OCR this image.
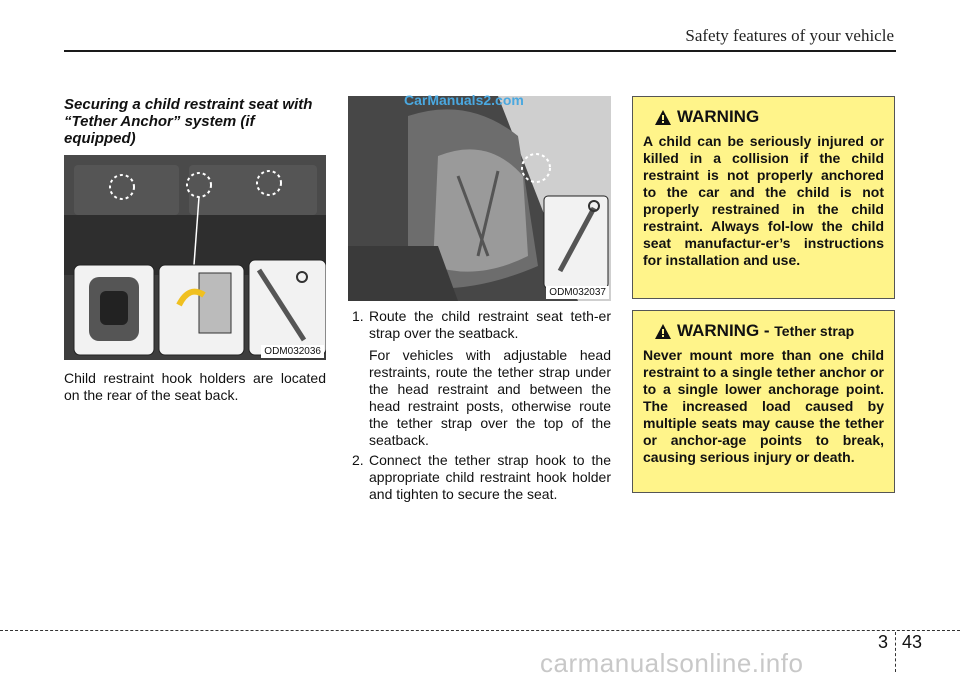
Safety features of your vehicle
Securing a child restraint seat with “Tether Anchor” system (if equipped)
ODM032036
Child restraint hook holders are located on the rear of the seat back.
ODM032037
CarManuals2.com
1. Route the child restraint seat teth-er strap over the seatback.
For vehicles with adjustable head restraints, route the tether strap under the head restraint and between the head restraint posts, otherwise route the tether strap over the top of the seatback.
2. Connect the tether strap hook to the appropriate child restraint hook holder and tighten to secure the seat.
WARNING
A child can be seriously injured or killed in a collision if the child restraint is not properly anchored to the car and the child is not properly restrained in the child restraint. Always fol-low the child seat manufactur-er’s instructions for installation and use.
WARNING - Tether strap
Never mount more than one child restraint to a single tether anchor or to a single lower anchorage point. The increased load caused by multiple seats may cause the tether or anchor-age points to break, causing serious injury or death.
3 43
carmanualsonline.info
